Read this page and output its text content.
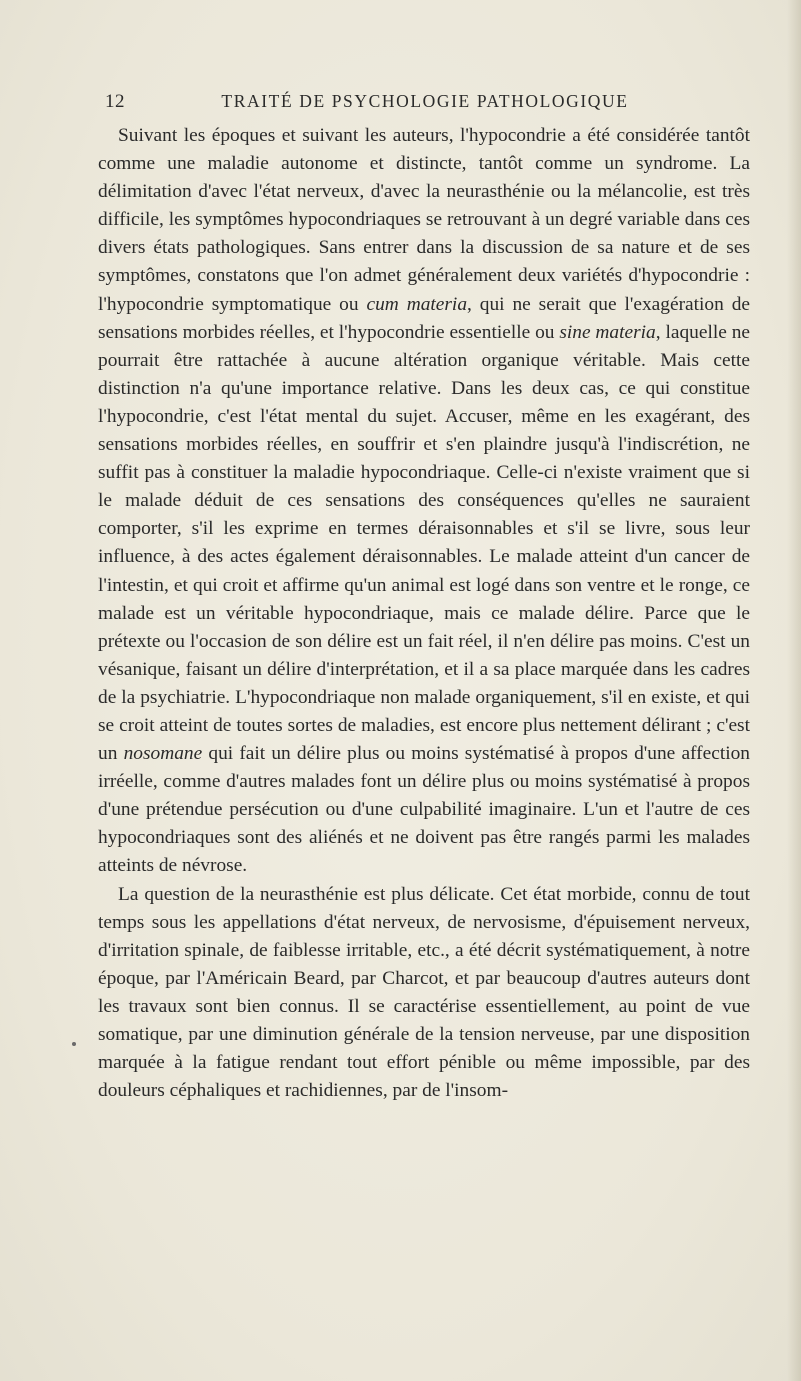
12	TRAITÉ DE PSYCHOLOGIE PATHOLOGIQUE

Suivant les époques et suivant les auteurs, l'hypocondrie a été considérée tantôt comme une maladie autonome et distincte, tantôt comme un syndrome. La délimitation d'avec l'état nerveux, d'avec la neurasthénie ou la mélancolie, est très difficile, les symptômes hypocondriaques se retrouvant à un degré variable dans ces divers états pathologiques. Sans entrer dans la discussion de sa nature et de ses symptômes, constatons que l'on admet généralement deux variétés d'hypocondrie : l'hypocondrie symptomatique ou cum materia, qui ne serait que l'exagération de sensations morbides réelles, et l'hypocondrie essentielle ou sine materia, laquelle ne pourrait être rattachée à aucune altération organique véritable. Mais cette distinction n'a qu'une importance relative. Dans les deux cas, ce qui constitue l'hypocondrie, c'est l'état mental du sujet. Accuser, même en les exagérant, des sensations morbides réelles, en souffrir et s'en plaindre jusqu'à l'indiscrétion, ne suffit pas à constituer la maladie hypocondriaque. Celle-ci n'existe vraiment que si le malade déduit de ces sensations des conséquences qu'elles ne sauraient comporter, s'il les exprime en termes déraisonnables et s'il se livre, sous leur influence, à des actes également déraisonnables. Le malade atteint d'un cancer de l'intestin, et qui croit et affirme qu'un animal est logé dans son ventre et le ronge, ce malade est un véritable hypocondriaque, mais ce malade délire. Parce que le prétexte ou l'occasion de son délire est un fait réel, il n'en délire pas moins. C'est un vésanique, faisant un délire d'interprétation, et il a sa place marquée dans les cadres de la psychiatrie. L'hypocondriaque non malade organiquement, s'il en existe, et qui se croit atteint de toutes sortes de maladies, est encore plus nettement délirant ; c'est un nosomane qui fait un délire plus ou moins systématisé à propos d'une affection irréelle, comme d'autres malades font un délire plus ou moins systématisé à propos d'une prétendue persécution ou d'une culpabilité imaginaire. L'un et l'autre de ces hypocondriaques sont des aliénés et ne doivent pas être rangés parmi les malades atteints de névrose.

La question de la neurasthénie est plus délicate. Cet état morbide, connu de tout temps sous les appellations d'état nerveux, de nervosisme, d'épuisement nerveux, d'irritation spinale, de faiblesse irritable, etc., a été décrit systématiquement, à notre époque, par l'Américain Beard, par Charcot, et par beaucoup d'autres auteurs dont les travaux sont bien connus. Il se caractérise essentiellement, au point de vue somatique, par une diminution générale de la tension nerveuse, par une disposition marquée à la fatigue rendant tout effort pénible ou même impossible, par des douleurs céphaliques et rachidiennes, par de l'insom-
